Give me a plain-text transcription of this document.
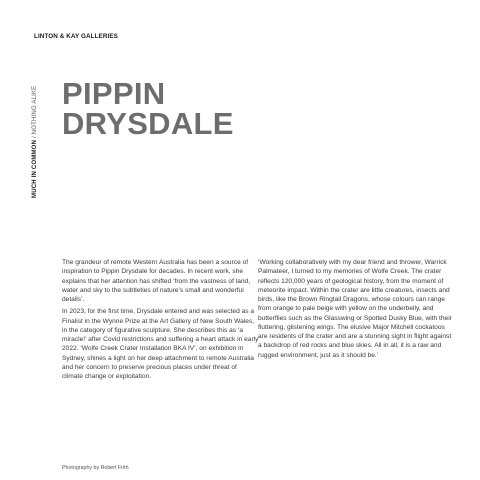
LINTON & KAY GALLERIES
MUCH IN COMMON / NOTHING ALIKE PIPPIN
DRYSDALE

The grandeur of remote Western Australia has been a source of inspiration to Pippin Drysdale for decades. In recent work, she explains that her attention has shifted ‘from the vastness of land, water and sky to the subtleties of nature’s small and wonderful details’.

In 2023, for the first time, Drysdale entered and was selected as a Finalist in the Wynne Prize at the Art Gallery of New South Wales, in the category of figurative sculpture. She describes this as ‘a miracle!’ after Covid restrictions and suffering a heart attack in early 2022. ‘Wolfe Creek Crater Installation BKA IV’, on exhibition in Sydney, shines a light on her deep attachment to remote Australia and her concern to preserve precious places under threat of climate change or exploitation.

‘Working collaboratively with my dear friend and thrower, Warrick Palmateer, I turned to my memories of Wolfe Creek. The crater reflects 120,000 years of geological history, from the moment of meteorite impact. Within the crater are little creatures, insects and birds, like the Brown Ringtail Dragons, whose colours can range from orange to pale beige with yellow on the underbelly, and butterflies such as the Glasswing or Spotted Dusky Blue, with their fluttering, glistening wings. The elusive Major Mitchell cockatoos are residents of the crater and are a stunning sight in flight against a backdrop of red rocks and blue skies. All in all, it is a raw and rugged environment, just as it should be.’

Photography by Robert Frith
